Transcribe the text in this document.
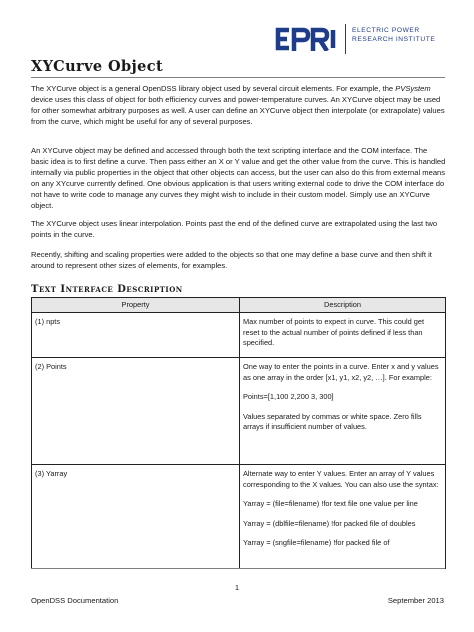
ELECTRIC POWER
RESEARCH INSTITUTE
XYCurve Object

The XYCurve object is a general OpenDSS library object used by several circuit elements. For example, the PVSystem device uses this class of object for both efficiency curves and power-temperature curves. An XYCurve object may be used for other somewhat arbitrary purposes as well. A user can define an XYCurve object then interpolate (or extrapolate) values from the curve, which might be useful for any of several purposes.

An XYCurve object may be defined and accessed through both the text scripting interface and the COM interface. The basic idea is to first define a curve. Then pass either an X or Y value and get the other value from the curve. This is handled internally via public properties in the object that other objects can access, but the user can also do this from external means on any XYcurve currently defined. One obvious application is that users writing external code to drive the COM interface do not have to write code to manage any curves they might wish to include in their custom model. Simply use an XYCurve object.

The XYCurve object uses linear interpolation. Points past the end of the defined curve are extrapolated using the last two points in the curve.

Recently, shifting and scaling properties were added to the objects so that one may define a base curve and then shift it around to represent other sizes of elements, for examples.

Text Interface Description
Property	Description
(1) npts	Max number of points to expect in curve. This could get reset to the actual number of points defined if less than specified.

(2) Points	One way to enter the points in a curve. Enter x and y values as one array in the order [x1, y1, x2, y2, …]. For example:

Points=[1,100 2,200 3, 300]

Values separated by commas or white space. Zero fills arrays if insufficient number of values.

(3) Yarray	Alternate way to enter Y values. Enter an array of Y values corresponding to the X values. You can also use the syntax:

Yarray = (file=filename) !for text file one value per line

Yarray = (dblfile=filename) !for packed file of doubles

Yarray = (sngfile=filename) !for packed file of

1
OpenDSS Documentation	September 2013
